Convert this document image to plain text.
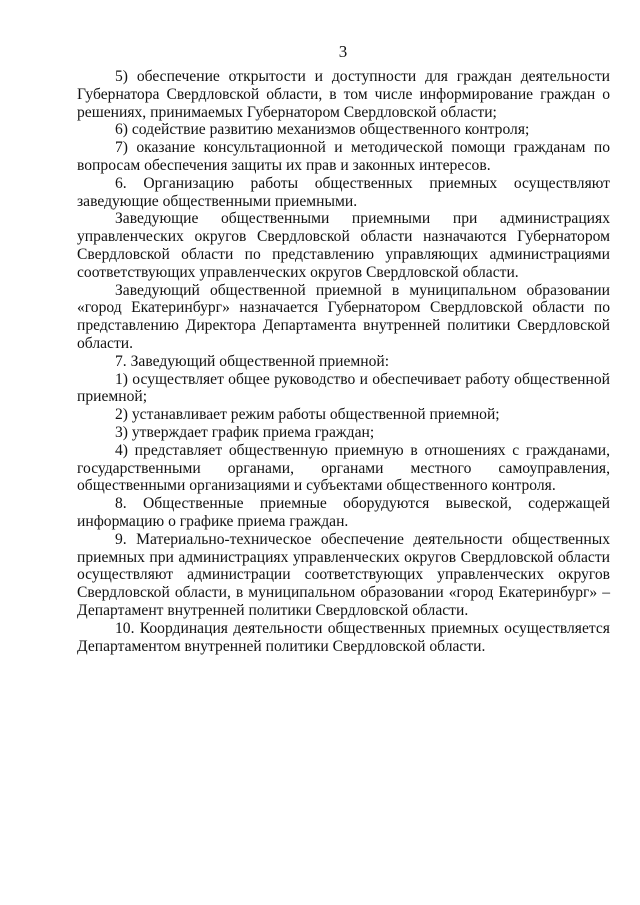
3

5) обеспечение открытости и доступности для граждан деятельности Губернатора Свердловской области, в том числе информирование граждан о решениях, принимаемых Губернатором Свердловской области;

6) содействие развитию механизмов общественного контроля;

7) оказание консультационной и методической помощи гражданам по вопросам обеспечения защиты их прав и законных интересов.

6. Организацию работы общественных приемных осуществляют заведующие общественными приемными.

Заведующие общественными приемными при администрациях управленческих округов Свердловской области назначаются Губернатором Свердловской области по представлению управляющих администрациями соответствующих управленческих округов Свердловской области.

Заведующий общественной приемной в муниципальном образовании «город Екатеринбург» назначается Губернатором Свердловской области по представлению Директора Департамента внутренней политики Свердловской области.

7. Заведующий общественной приемной:

1) осуществляет общее руководство и обеспечивает работу общественной приемной;

2) устанавливает режим работы общественной приемной;

3) утверждает график приема граждан;

4) представляет общественную приемную в отношениях с гражданами, государственными органами, органами местного самоуправления, общественными организациями и субъектами общественного контроля.

8. Общественные приемные оборудуются вывеской, содержащей информацию о графике приема граждан.

9. Материально-техническое обеспечение деятельности общественных приемных при администрациях управленческих округов Свердловской области осуществляют администрации соответствующих управленческих округов Свердловской области, в муниципальном образовании «город Екатеринбург» – Департамент внутренней политики Свердловской области.

10. Координация деятельности общественных приемных осуществляется Департаментом внутренней политики Свердловской области.
